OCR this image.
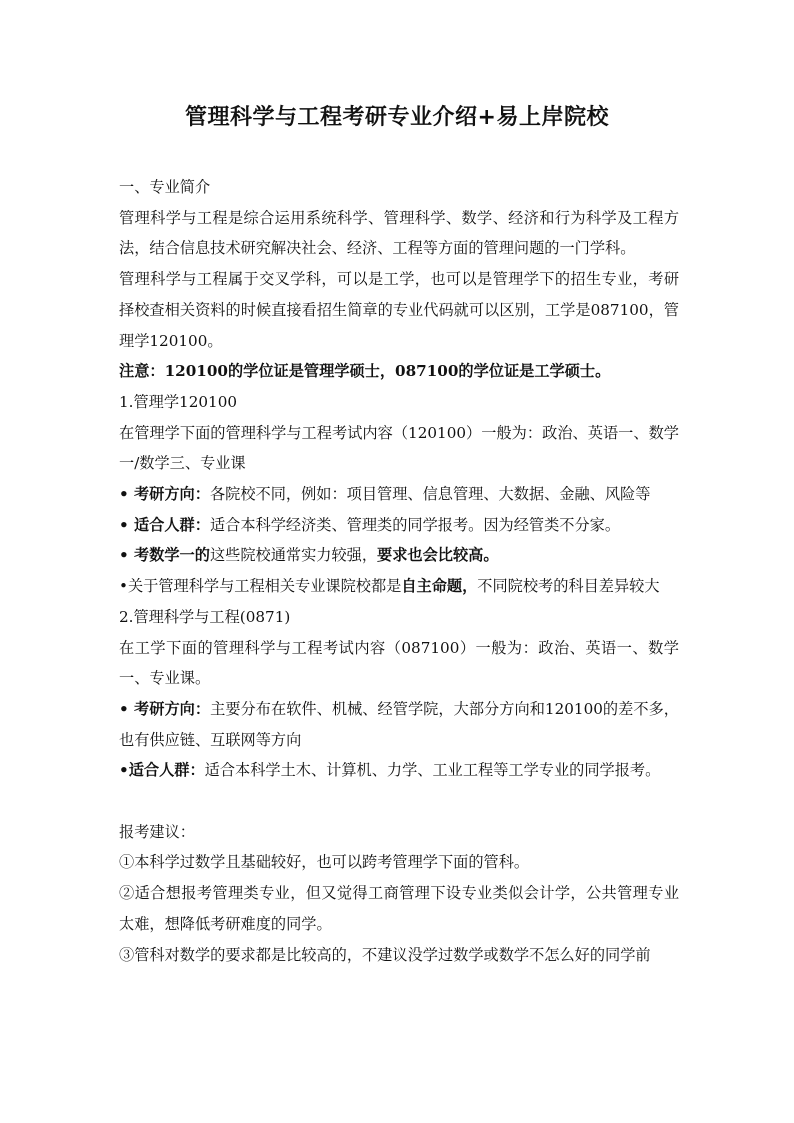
管理科学与工程考研专业介绍+易上岸院校

一、专业简介

管理科学与工程是综合运用系统科学、管理科学、数学、经济和行为科学及工程方法，结合信息技术研究解决社会、经济、工程等方面的管理问题的一门学科。

管理科学与工程属于交叉学科，可以是工学，也可以是管理学下的招生专业，考研择校查相关资料的时候直接看招生简章的专业代码就可以区别，工学是087100，管理学120100。

注意：120100的学位证是管理学硕士，087100的学位证是工学硕士。

1.管理学120100

在管理学下面的管理科学与工程考试内容（120100）一般为：政治、英语一、数学一/数学三、专业课

• 考研方向：各院校不同，例如：项目管理、信息管理、大数据、金融、风险等

• 适合人群：适合本科学经济类、管理类的同学报考。因为经管类不分家。

• 考数学一的这些院校通常实力较强，要求也会比较高。

•关于管理科学与工程相关专业课院校都是自主命题，不同院校考的科目差异较大

2.管理科学与工程(0871)

在工学下面的管理科学与工程考试内容（087100）一般为：政治、英语一、数学一、专业课。

• 考研方向：主要分布在软件、机械、经管学院，大部分方向和120100的差不多，也有供应链、互联网等方向

•适合人群：适合本科学土木、计算机、力学、工业工程等工学专业的同学报考。

报考建议：

①本科学过数学且基础较好，也可以跨考管理学下面的管科。

②适合想报考管理类专业，但又觉得工商管理下设专业类似会计学，公共管理专业太难，想降低考研难度的同学。

③管科对数学的要求都是比较高的，不建议没学过数学或数学不怎么好的同学前
